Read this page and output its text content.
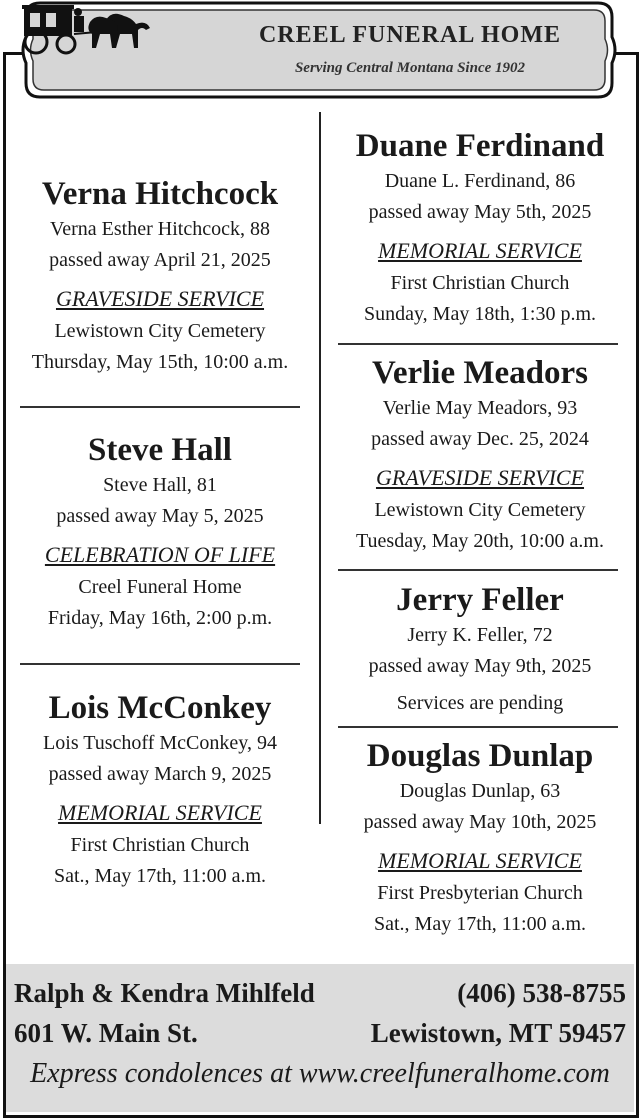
CREEL FUNERAL HOME
Serving Central Montana Since 1902
Verna Hitchcock
Verna Esther Hitchcock, 88
passed away April 21, 2025
GRAVESIDE SERVICE
Lewistown City Cemetery
Thursday, May 15th, 10:00 a.m.
Steve Hall
Steve Hall, 81
passed away May 5, 2025
CELEBRATION OF LIFE
Creel Funeral Home
Friday, May 16th, 2:00 p.m.
Lois McConkey
Lois Tuschoff McConkey, 94
passed away March 9, 2025
MEMORIAL SERVICE
First Christian Church
Sat., May 17th, 11:00 a.m.
Duane Ferdinand
Duane L. Ferdinand, 86
passed away May 5th, 2025
MEMORIAL SERVICE
First Christian Church
Sunday, May 18th, 1:30 p.m.
Verlie Meadors
Verlie May Meadors, 93
passed away Dec. 25, 2024
GRAVESIDE SERVICE
Lewistown City Cemetery
Tuesday, May 20th, 10:00 a.m.
Jerry Feller
Jerry K. Feller, 72
passed away May 9th, 2025
Services are pending
Douglas Dunlap
Douglas Dunlap, 63
passed away May 10th, 2025
MEMORIAL SERVICE
First Presbyterian Church
Sat., May 17th, 11:00 a.m.
Ralph & Kendra Mihlfeld	(406) 538-8755
601 W. Main St.	Lewistown, MT 59457
Express condolences at www.creelfuneralhome.com
